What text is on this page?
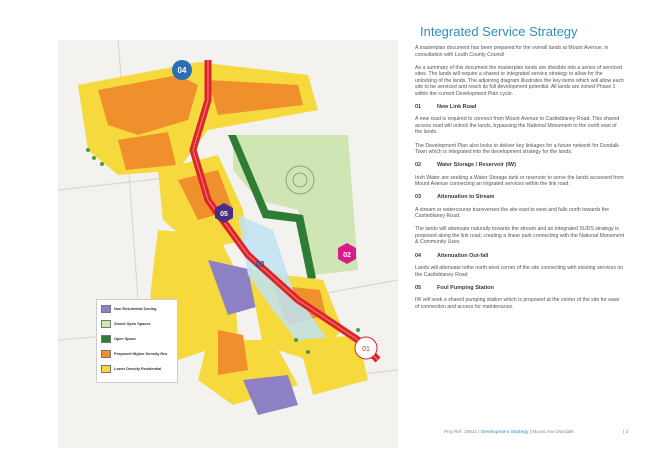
04
05
03
02
01
Non Residential Zoning
Zoned Open Spaces
Open Space
Proposed Higher Density Res
Lower Density Residential
Integrated Service Strategy

A masterplan document has been prepared for the overall lands at Mount Avenue, in consultation with Louth County Council

As a summary of this document the masterplan lands are divisible into a series of serviced sites. The lands will require a shared or integrated service strategy to allow for the unlocking of the lands. The adjoining diagram illustrates the key items which will allow each site to be serviced and reach its full development potential. All lands are zoned Phase 1 within the current Development Plan cycle.

01	New Link Road

A new road is required to connect from Mount Avenue to Castleblaney Road. This shared access road will unlock the lands, bypassing the National Monument to the north east of the lands.

The Development Plan also looks to deliver key linkages for a future network for Dundalk Town which is integrated into the development strategy for the lands.

02	Water Storage / Reservoir (IW)

Irish Water are seeking a Water Storage tank or reservoir to serve the lands accessed from Mount Avenue connecting an intgrated services within the link road.

03	Attenuation to Stream

A stream or watercourse transverses the site east to west and falls north towards the Castleblaney Road.

The lands will attenuate naturally towards the stream and an integrated SUDS strategy is proposed along the link road, creating a linear park connecting with the National Monument & Community Uses.

04	Attenuation Out-fall

Lands will attenuate tothe north west corner of the site connecting with existing services on the Castleblaney Road

05	Foul Pumping Station

IW will seek a shared pumping station which is proposed at the center of the site for ease of connection and access for maintenance.

Proj Ref: 19011 | Development Strategy | Mount Ave Dundalk	| 3
